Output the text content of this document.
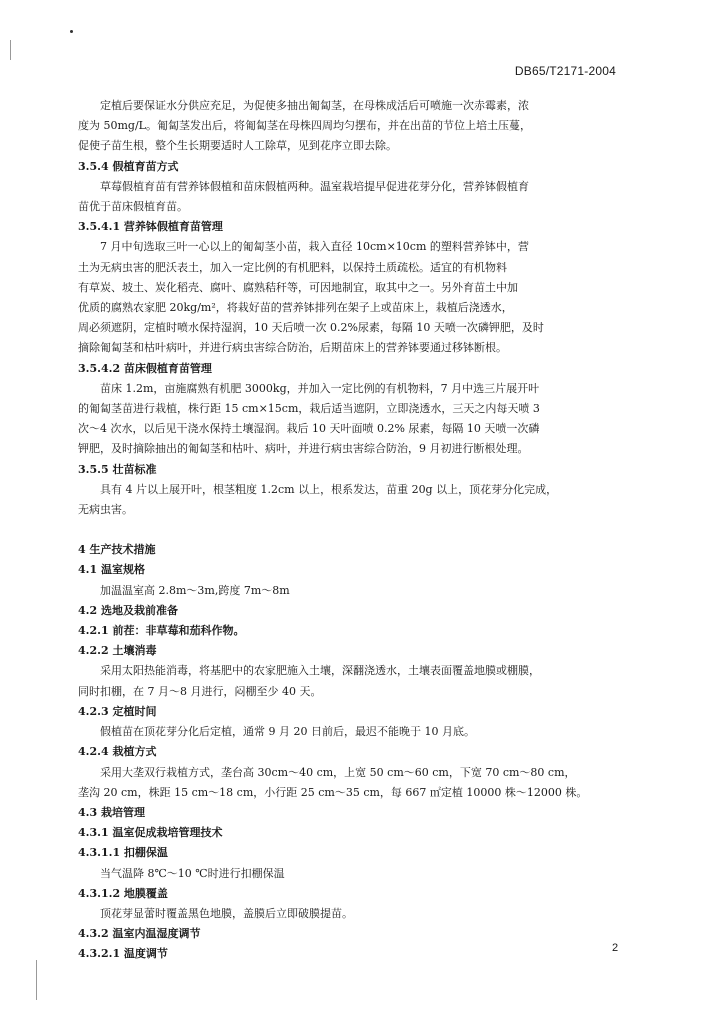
DB65/T2171-2004
定植后要保证水分供应充足，为促使多抽出匍匐茎，在母株成活后可喷施一次赤霉素，浓
度为 50mg/L。匍匐茎发出后，将匍匐茎在母株四周均匀摆布，并在出苗的节位上培土压蔓，
促使子苗生根，整个生长期要适时人工除草，见到花序立即去除。
3.5.4 假植育苗方式
草莓假植育苗有营养钵假植和苗床假植两种。温室栽培提早促进花芽分化，营养钵假植育
苗优于苗床假植育苗。
3.5.4.1 营养钵假植育苗管理
7 月中旬选取三叶一心以上的匍匐茎小苗，栽入直径 10cm×10cm 的塑料营养钵中，营
土为无病虫害的肥沃表土，加入一定比例的有机肥料，以保持土质疏松。适宜的有机物料
有草炭、坡土、炭化稻壳、腐叶、腐熟秸秆等，可因地制宜，取其中之一。另外育苗土中加
优质的腐熟农家肥 20kg/m²，将栽好苗的营养钵排列在架子上或苗床上，栽植后浇透水，
周必须遮阴，定植时喷水保持湿润，10 天后喷一次 0.2%尿素，每隔 10 天喷一次磷钾肥，及时
摘除匍匐茎和枯叶病叶，并进行病虫害综合防治，后期苗床上的营养钵要通过移钵断根。
3.5.4.2 苗床假植育苗管理
苗床 1.2m，亩施腐熟有机肥 3000kg，并加入一定比例的有机物料，7 月中选三片展开叶
的匍匐茎苗进行栽植，株行距 15 cm×15cm，栽后适当遮阴，立即浇透水，三天之内每天喷 3
次～4 次水，以后见干浇水保持土壤湿润。栽后 10 天叶面喷 0.2% 尿素，每隔 10 天喷一次磷
钾肥，及时摘除抽出的匍匐茎和枯叶、病叶，并进行病虫害综合防治，9 月初进行断根处理。
3.5.5 壮苗标准
具有 4 片以上展开叶，根茎粗度 1.2cm 以上，根系发达，苗重 20g 以上，顶花芽分化完成，
无病虫害。
4 生产技术措施
4.1 温室规格
加温温室高 2.8m～3m,跨度 7m～8m
4.2 选地及栽前准备
4.2.1 前茬：非草莓和茄科作物。
4.2.2 土壤消毒
采用太阳热能消毒，将基肥中的农家肥施入土壤，深翻浇透水，土壤表面覆盖地膜或棚膜，
同时扣棚，在 7 月～8 月进行，闷棚至少 40 天。
4.2.3 定植时间
假植苗在顶花芽分化后定植，通常 9 月 20 日前后，最迟不能晚于 10 月底。
4.2.4 栽植方式
采用大垄双行栽植方式，垄台高 30cm～40 cm，上宽 50 cm～60 cm，下宽 70 cm～80 cm，
垄沟 20 cm，株距 15 cm～18 cm，小行距 25 cm～35 cm，每 667 ㎡定植 10000 株～12000 株。
4.3 栽培管理
4.3.1 温室促成栽培管理技术
4.3.1.1 扣棚保温
当气温降 8℃～10 ℃时进行扣棚保温
4.3.1.2 地膜覆盖
顶花芽显蕾时覆盖黑色地膜，盖膜后立即破膜提苗。
4.3.2 温室内温湿度调节
4.3.2.1 温度调节	2
